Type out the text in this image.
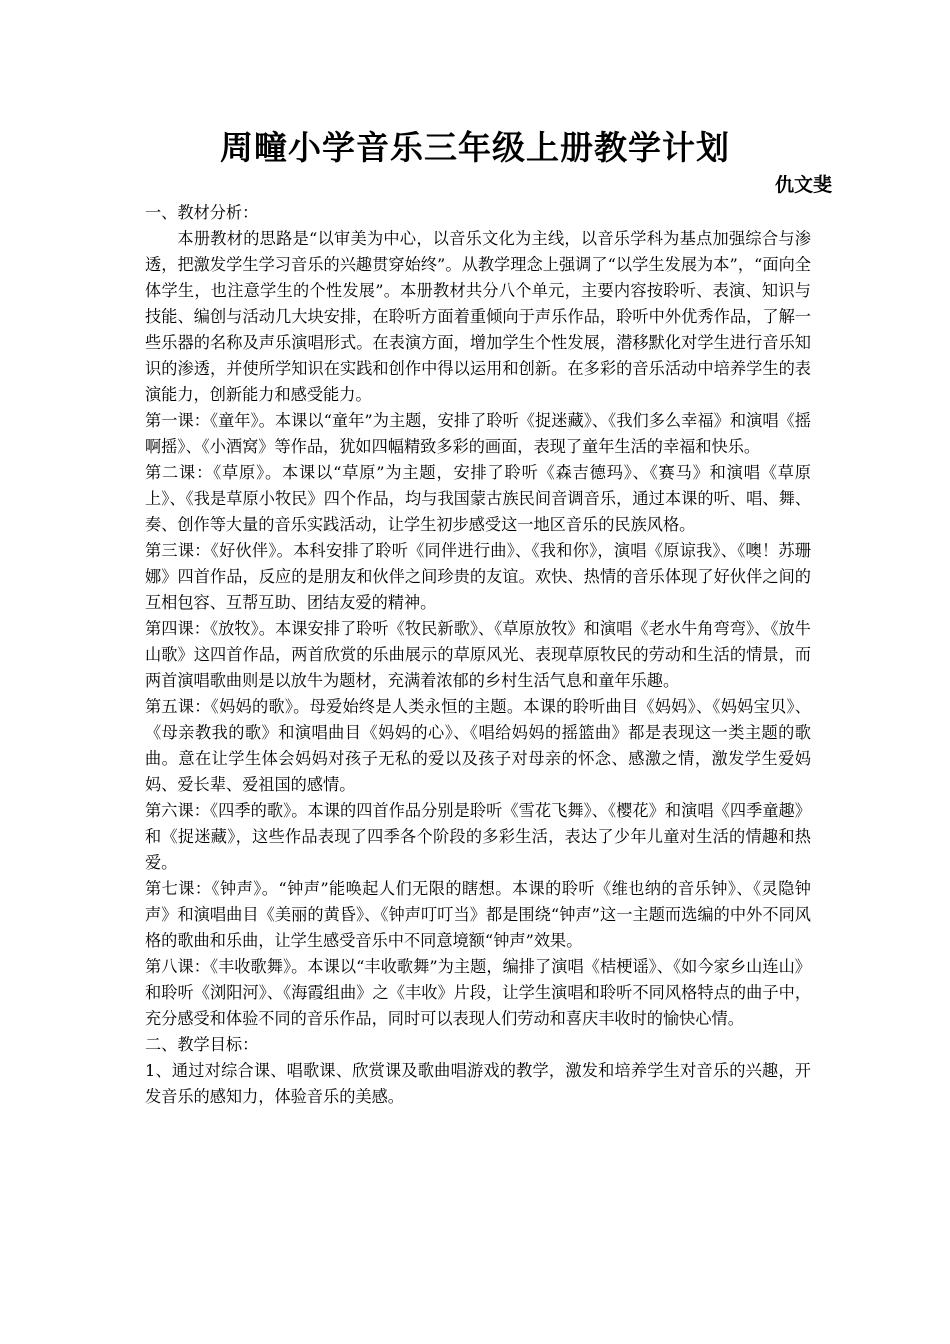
周疃小学音乐三年级上册教学计划
仇文斐

一、教材分析：

本册教材的思路是“以审美为中心，以音乐文化为主线，以音乐学科为基点加强综合与渗透，把激发学生学习音乐的兴趣贯穿始终”。从教学理念上强调了“以学生发展为本”，“面向全体学生，也注意学生的个性发展”。本册教材共分八个单元，主要内容按聆听、表演、知识与技能、编创与活动几大块安排，在聆听方面着重倾向于声乐作品，聆听中外优秀作品，了解一些乐器的名称及声乐演唱形式。在表演方面，增加学生个性发展，潜移默化对学生进行音乐知识的渗透，并使所学知识在实践和创作中得以运用和创新。在多彩的音乐活动中培养学生的表演能力，创新能力和感受能力。

第一课：《童年》。本课以“童年”为主题，安排了聆听《捉迷藏》、《我们多么幸福》和演唱《摇啊摇》、《小酒窝》等作品，犹如四幅精致多彩的画面，表现了童年生活的幸福和快乐。

第二课：《草原》。本课以“草原”为主题，安排了聆听《森吉德玛》、《赛马》和演唱《草原上》、《我是草原小牧民》四个作品，均与我国蒙古族民间音调音乐，通过本课的听、唱、舞、奏、创作等大量的音乐实践活动，让学生初步感受这一地区音乐的民族风格。

第三课：《好伙伴》。本科安排了聆听《同伴进行曲》、《我和你》，演唱《原谅我》、《噢！苏珊娜》四首作品，反应的是朋友和伙伴之间珍贵的友谊。欢快、热情的音乐体现了好伙伴之间的互相包容、互帮互助、团结友爱的精神。

第四课：《放牧》。本课安排了聆听《牧民新歌》、《草原放牧》和演唱《老水牛角弯弯》、《放牛山歌》这四首作品，两首欣赏的乐曲展示的草原风光、表现草原牧民的劳动和生活的情景，而两首演唱歌曲则是以放牛为题材，充满着浓郁的乡村生活气息和童年乐趣。

第五课：《妈妈的歌》。母爱始终是人类永恒的主题。本课的聆听曲目《妈妈》、《妈妈宝贝》、《母亲教我的歌》和演唱曲目《妈妈的心》、《唱给妈妈的摇篮曲》都是表现这一类主题的歌曲。意在让学生体会妈妈对孩子无私的爱以及孩子对母亲的怀念、感激之情，激发学生爱妈妈、爱长辈、爱祖国的感情。

第六课：《四季的歌》。本课的四首作品分别是聆听《雪花飞舞》、《樱花》和演唱《四季童趣》和《捉迷藏》，这些作品表现了四季各个阶段的多彩生活，表达了少年儿童对生活的情趣和热爱。

第七课：《钟声》。“钟声”能唤起人们无限的瞎想。本课的聆听《维也纳的音乐钟》、《灵隐钟声》和演唱曲目《美丽的黄昏》、《钟声叮叮当》都是围绕“钟声”这一主题而选编的中外不同风格的歌曲和乐曲，让学生感受音乐中不同意境额“钟声”效果。

第八课：《丰收歌舞》。本课以“丰收歌舞”为主题，编排了演唱《桔梗谣》、《如今家乡山连山》和聆听《浏阳河》、《海霞组曲》之《丰收》片段，让学生演唱和聆听不同风格特点的曲子中，充分感受和体验不同的音乐作品，同时可以表现人们劳动和喜庆丰收时的愉快心情。

二、教学目标：

1、通过对综合课、唱歌课、欣赏课及歌曲唱游戏的教学，激发和培养学生对音乐的兴趣，开发音乐的感知力，体验音乐的美感。
